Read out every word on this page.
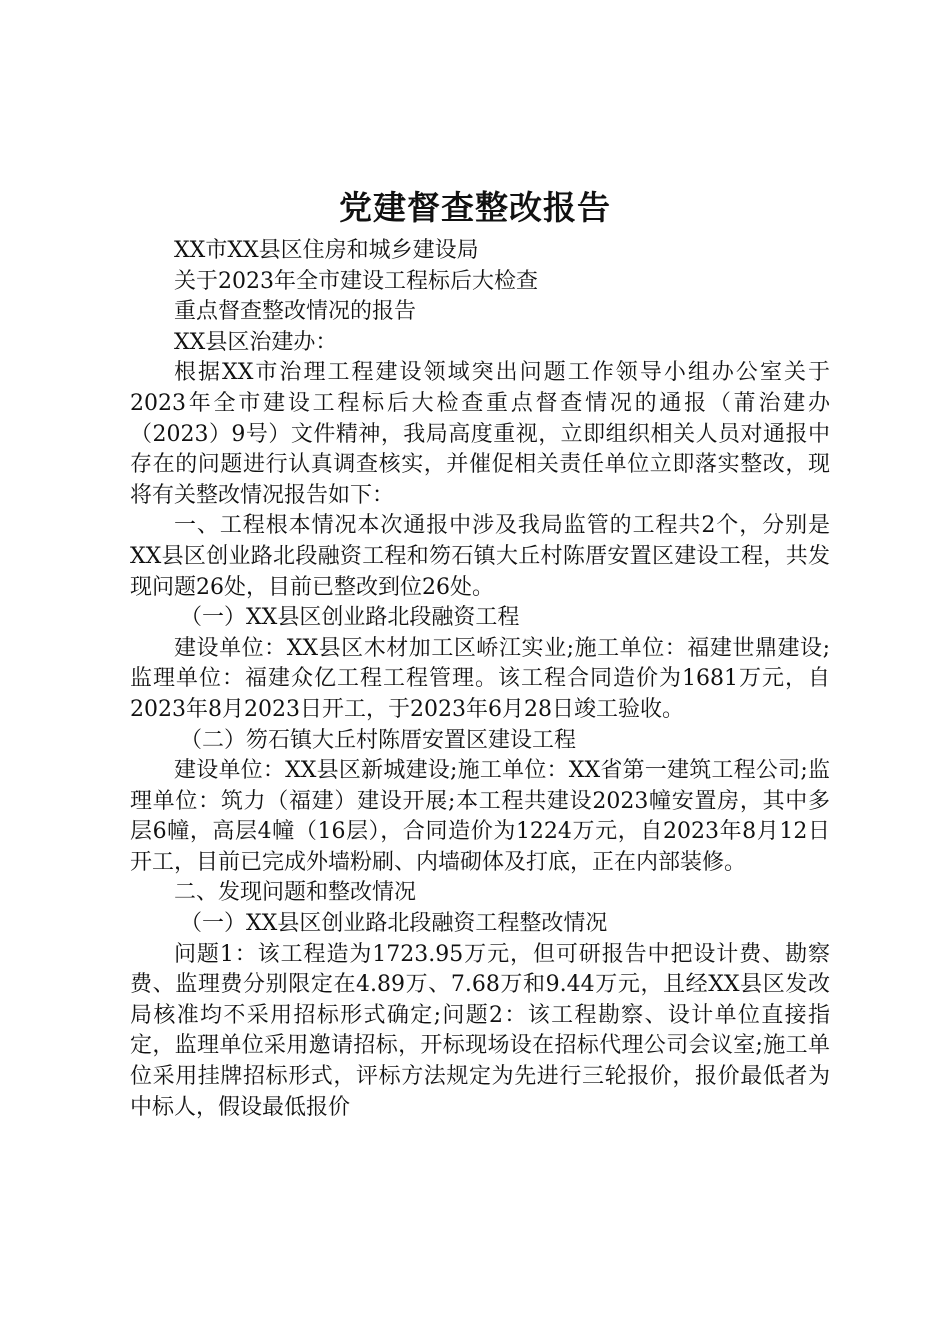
党建督查整改报告

XX市XX县区住房和城乡建设局

关于2023年全市建设工程标后大检查

重点督查整改情况的报告

XX县区治建办：

根据XX市治理工程建设领域突出问题工作领导小组办公室关于2023年全市建设工程标后大检查重点督查情况的通报（莆治建办（2023）9号）文件精神，我局高度重视，立即组织相关人员对通报中存在的问题进行认真调查核实，并催促相关责任单位立即落实整改，现将有关整改情况报告如下：

一、工程根本情况本次通报中涉及我局监管的工程共2个，分别是XX县区创业路北段融资工程和笏石镇大丘村陈厝安置区建设工程，共发现问题26处，目前已整改到位26处。

（一）XX县区创业路北段融资工程

建设单位：XX县区木材加工区峤江实业;施工单位：福建世鼎建设;监理单位：福建众亿工程工程管理。该工程合同造价为1681万元，自2023年8月2023日开工，于2023年6月28日竣工验收。

（二）笏石镇大丘村陈厝安置区建设工程

建设单位：XX县区新城建设;施工单位：XX省第一建筑工程公司;监理单位：筑力（福建）建设开展;本工程共建设2023幢安置房，其中多层6幢，高层4幢（16层），合同造价为1224万元，自2023年8月12日开工，目前已完成外墙粉刷、内墙砌体及打底，正在内部装修。

二、发现问题和整改情况

（一）XX县区创业路北段融资工程整改情况

问题1：该工程造为1723.95万元，但可研报告中把设计费、勘察费、监理费分别限定在4.89万、7.68万和9.44万元，且经XX县区发改局核准均不采用招标形式确定;问题2：该工程勘察、设计单位直接指定，监理单位采用邀请招标，开标现场设在招标代理公司会议室;施工单位采用挂牌招标形式，评标方法规定为先进行三轮报价，报价最低者为中标人，假设最低报价
